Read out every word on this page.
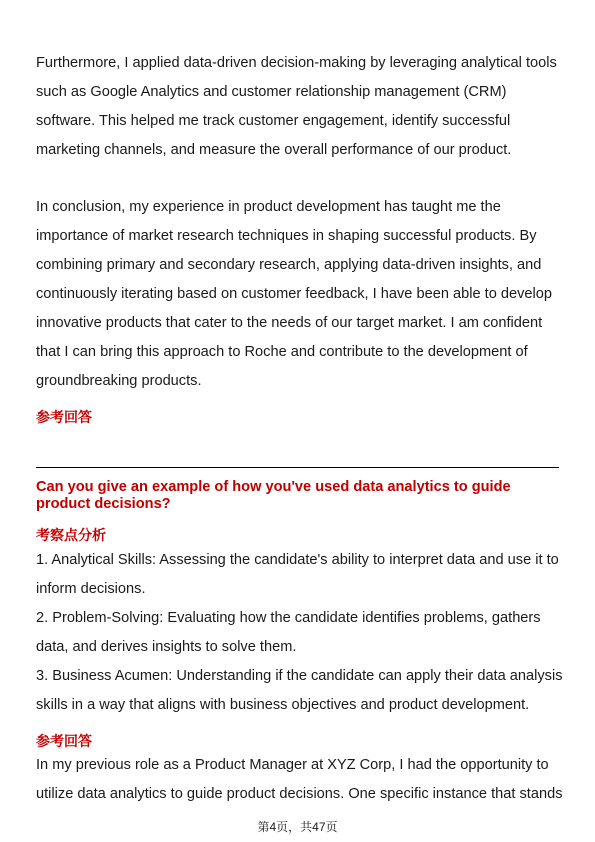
Furthermore, I applied data-driven decision-making by leveraging analytical tools such as Google Analytics and customer relationship management (CRM) software. This helped me track customer engagement, identify successful marketing channels, and measure the overall performance of our product.

In conclusion, my experience in product development has taught me the importance of market research techniques in shaping successful products. By combining primary and secondary research, applying data-driven insights, and continuously iterating based on customer feedback, I have been able to develop innovative products that cater to the needs of our target market. I am confident that I can bring this approach to Roche and contribute to the development of groundbreaking products.

参考回答

Can you give an example of how you've used data analytics to guide product decisions?

考察点分析

1. Analytical Skills: Assessing the candidate's ability to interpret data and use it to inform decisions.

2. Problem-Solving: Evaluating how the candidate identifies problems, gathers data, and derives insights to solve them.

3. Business Acumen: Understanding if the candidate can apply their data analysis skills in a way that aligns with business objectives and product development.

参考回答

In my previous role as a Product Manager at XYZ Corp, I had the opportunity to utilize data analytics to guide product decisions. One specific instance that stands

第4页，共47页
